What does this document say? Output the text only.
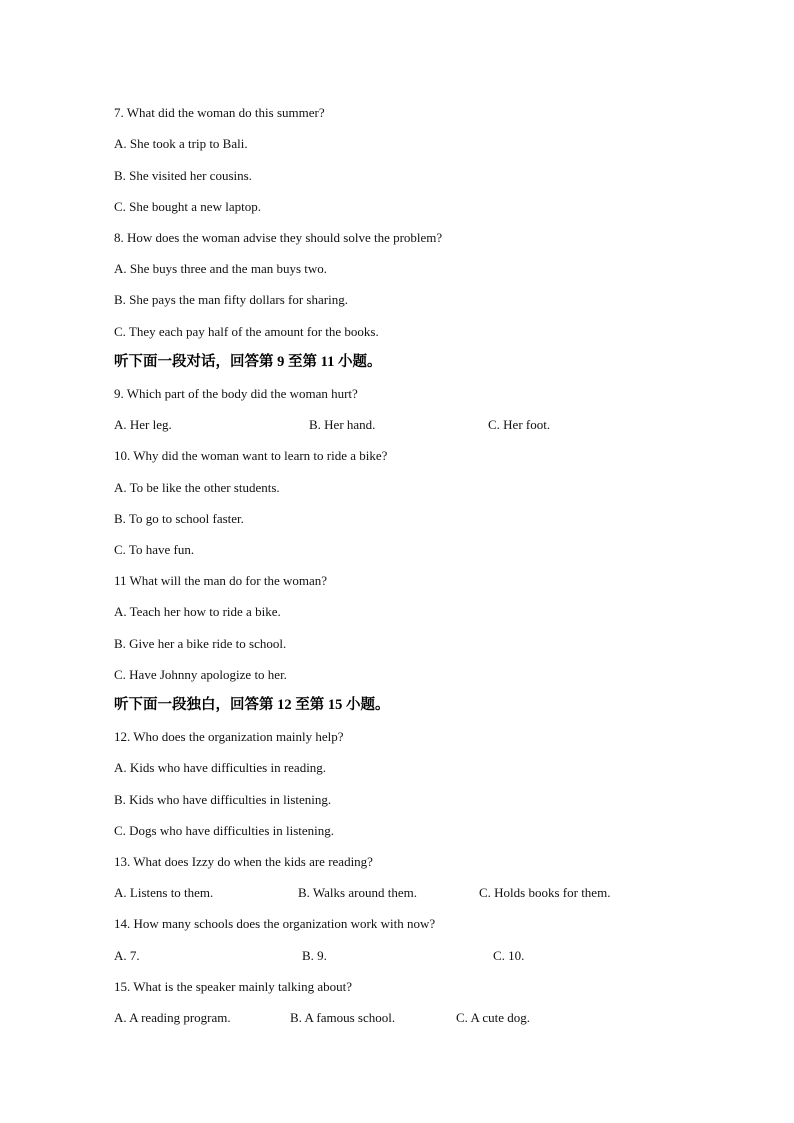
7. What did the woman do this summer?
A. She took a trip to Bali.
B. She visited her cousins.
C. She bought a new laptop.
8. How does the woman advise they should solve the problem?
A. She buys three and the man buys two.
B. She pays the man fifty dollars for sharing.
C. They each pay half of the amount for the books.
听下面一段对话，回答第 9 至第 11 小题。
9. Which part of the body did the woman hurt?
A. Her leg.	B. Her hand.	C. Her foot.
10. Why did the woman want to learn to ride a bike?
A. To be like the other students.
B. To go to school faster.
C. To have fun.
11 What will the man do for the woman?
A. Teach her how to ride a bike.
B. Give her a bike ride to school.
C. Have Johnny apologize to her.
听下面一段独白，回答第 12 至第 15 小题。
12. Who does the organization mainly help?
A. Kids who have difficulties in reading.
B. Kids who have difficulties in listening.
C. Dogs who have difficulties in listening.
13. What does Izzy do when the kids are reading?
A. Listens to them.	B. Walks around them.	C. Holds books for them.
14. How many schools does the organization work with now?
A. 7.	B. 9.	C. 10.
15. What is the speaker mainly talking about?
A. A reading program.	B. A famous school.	C. A cute dog.
